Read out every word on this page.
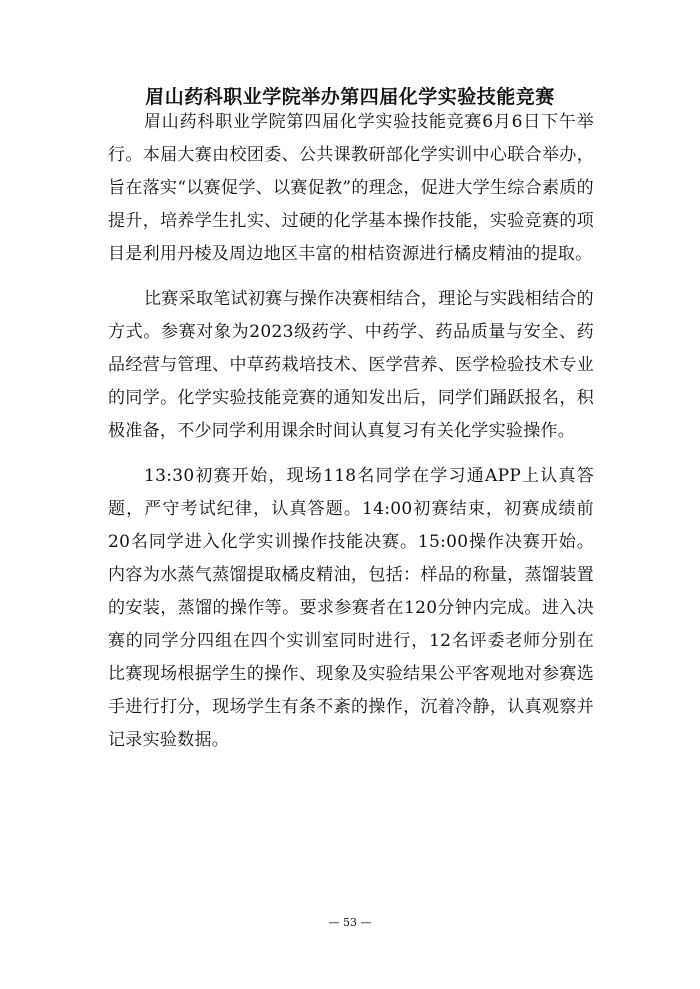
眉山药科职业学院举办第四届化学实验技能竞赛

眉山药科职业学院第四届化学实验技能竞赛6月6日下午举行。本届大赛由校团委、公共课教研部化学实训中心联合举办，旨在落实“以赛促学、以赛促教”的理念，促进大学生综合素质的提升，培养学生扎实、过硬的化学基本操作技能，实验竞赛的项目是利用丹棱及周边地区丰富的柑桔资源进行橘皮精油的提取。

比赛采取笔试初赛与操作决赛相结合，理论与实践相结合的方式。参赛对象为2023级药学、中药学、药品质量与安全、药品经营与管理、中草药栽培技术、医学营养、医学检验技术专业的同学。化学实验技能竞赛的通知发出后，同学们踊跃报名，积极准备，不少同学利用课余时间认真复习有关化学实验操作。

13:30初赛开始，现场118名同学在学习通APP上认真答题，严守考试纪律，认真答题。14:00初赛结束，初赛成绩前20名同学进入化学实训操作技能决赛。15:00操作决赛开始。内容为水蒸气蒸馏提取橘皮精油，包括：样品的称量，蒸馏装置的安装，蒸馏的操作等。要求参赛者在120分钟内完成。进入决赛的同学分四组在四个实训室同时进行，12名评委老师分别在比赛现场根据学生的操作、现象及实验结果公平客观地对参赛选手进行打分，现场学生有条不紊的操作，沉着冷静，认真观察并记录实验数据。

— 53 —
